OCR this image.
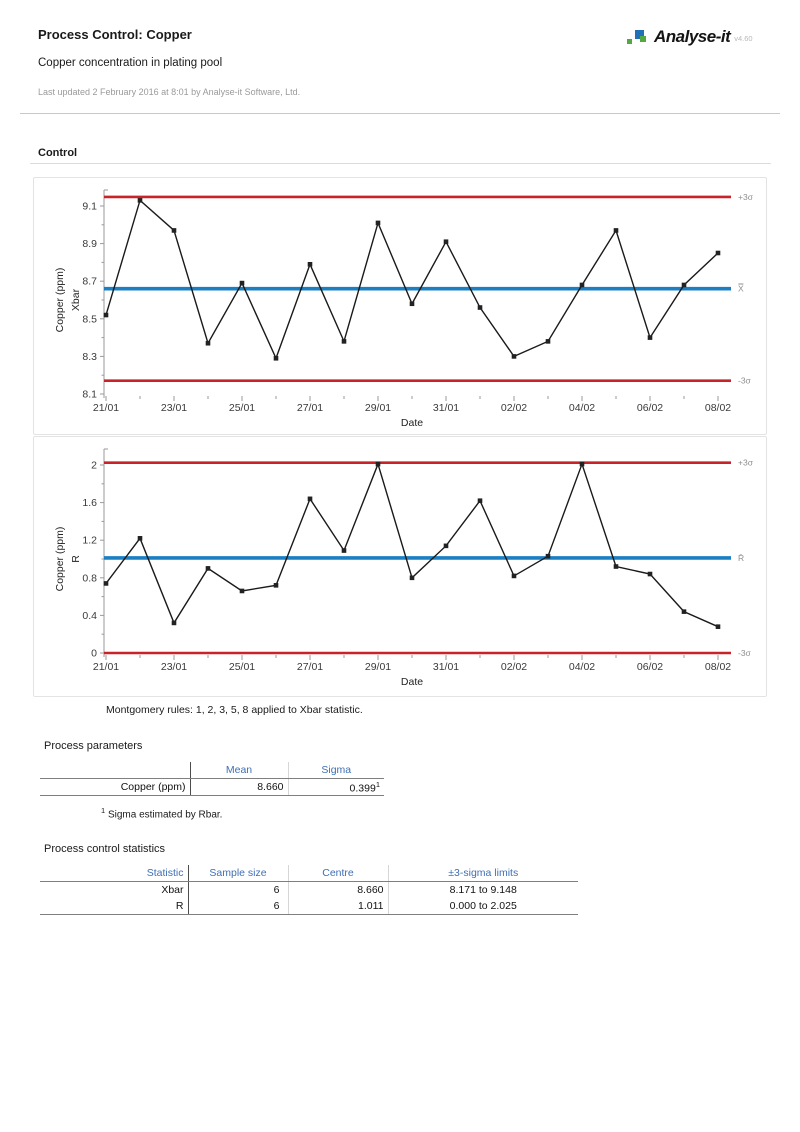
Process Control: Copper	Analyse-it v4.60
Copper concentration in plating pool
Last updated 2 February 2016 at 8:01 by Analyse-it Software, Ltd.
Control
8.1
8.3
8.5
8.7
8.9
9.1
21/01	23/01	25/01	27/01	29/01	31/01	02/02	04/02	06/02	08/02
Date
Copper (ppm) Xbar
+3σ
X̿
-3σ
0
0.4
0.8
1.2
1.6
2
21/01	23/01	25/01	27/01	29/01	31/01	02/02	04/02	06/02	08/02
Date
Copper (ppm) R
+3σ
R̄
-3σ
Montgomery rules: 1, 2, 3, 5, 8 applied to Xbar statistic.
Process parameters
	Mean	Sigma
Copper (ppm)	8.660	0.399$^1$
$^1$ Sigma estimated by Rbar.
Process control statistics
Statistic	Sample size	Centre	±3-sigma limits
Xbar	6	8.660	8.171 to 9.148
R	6	1.011	0.000 to 2.025
